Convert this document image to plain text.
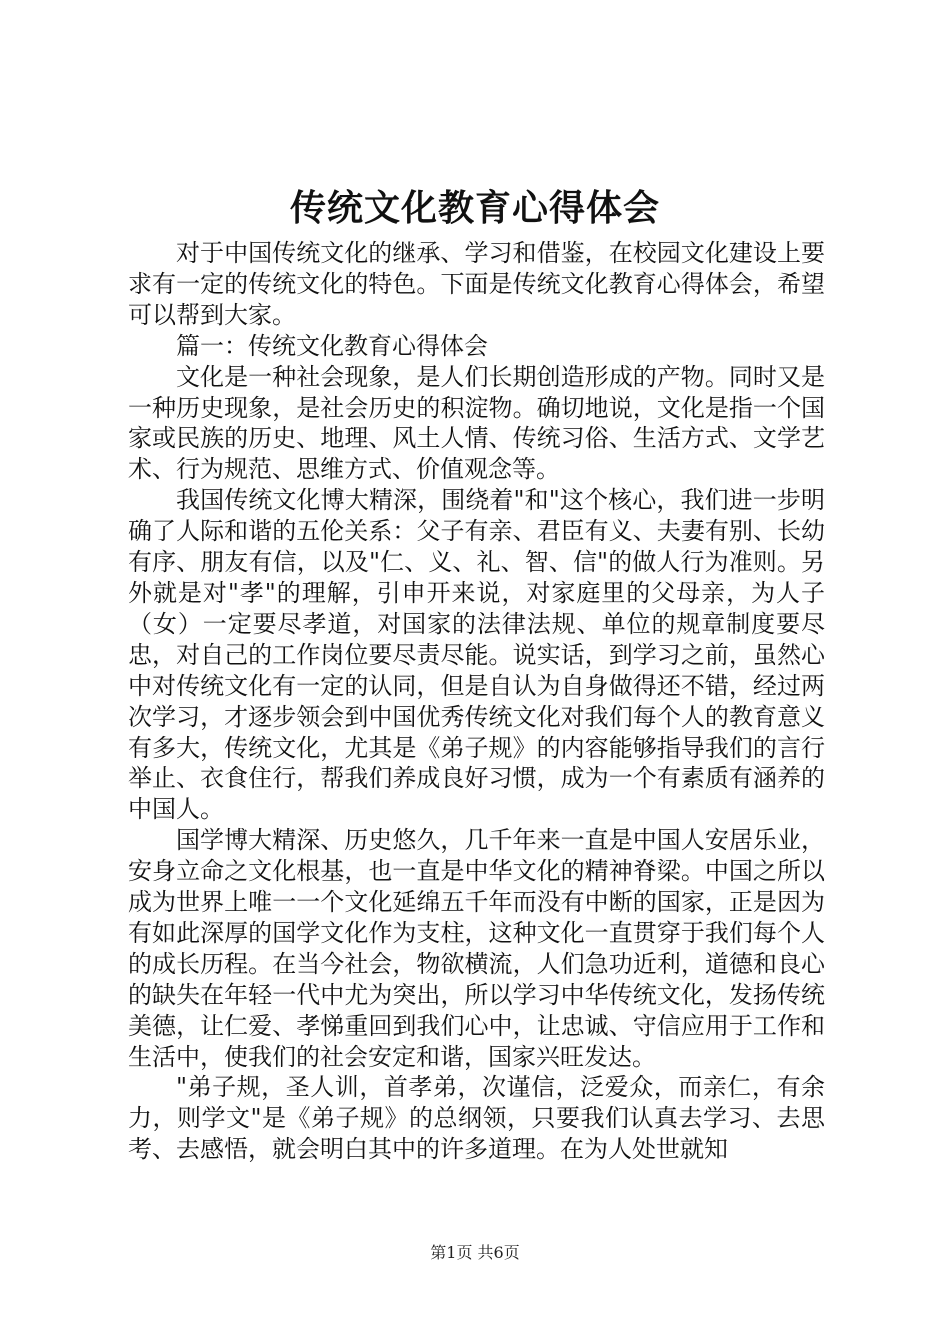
传统文化教育心得体会

对于中国传统文化的继承、学习和借鉴，在校园文化建设上要求有一定的传统文化的特色。下面是传统文化教育心得体会，希望可以帮到大家。

篇一：传统文化教育心得体会

文化是一种社会现象，是人们长期创造形成的产物。同时又是一种历史现象，是社会历史的积淀物。确切地说，文化是指一个国家或民族的历史、地理、风土人情、传统习俗、生活方式、文学艺术、行为规范、思维方式、价值观念等。

我国传统文化博大精深，围绕着"和"这个核心，我们进一步明确了人际和谐的五伦关系：父子有亲、君臣有义、夫妻有别、长幼有序、朋友有信，以及"仁、义、礼、智、信"的做人行为准则。另外就是对"孝"的理解，引申开来说，对家庭里的父母亲，为人子（女）一定要尽孝道，对国家的法律法规、单位的规章制度要尽忠，对自己的工作岗位要尽责尽能。说实话，到学习之前，虽然心中对传统文化有一定的认同，但是自认为自身做得还不错，经过两次学习，才逐步领会到中国优秀传统文化对我们每个人的教育意义有多大，传统文化，尤其是《弟子规》的内容能够指导我们的言行举止、衣食住行，帮我们养成良好习惯，成为一个有素质有涵养的中国人。

国学博大精深、历史悠久，几千年来一直是中国人安居乐业，安身立命之文化根基，也一直是中华文化的精神脊梁。中国之所以成为世界上唯一一个文化延绵五千年而没有中断的国家，正是因为有如此深厚的国学文化作为支柱，这种文化一直贯穿于我们每个人的成长历程。在当今社会，物欲横流，人们急功近利，道德和良心的缺失在年轻一代中尤为突出，所以学习中华传统文化，发扬传统美德，让仁爱、孝悌重回到我们心中，让忠诚、守信应用于工作和生活中，使我们的社会安定和谐，国家兴旺发达。

"弟子规，圣人训，首孝弟，次谨信，泛爱众，而亲仁，有余力，则学文"是《弟子规》的总纲领，只要我们认真去学习、去思考、去感悟，就会明白其中的许多道理。在为人处世就知

第1页 共6页
